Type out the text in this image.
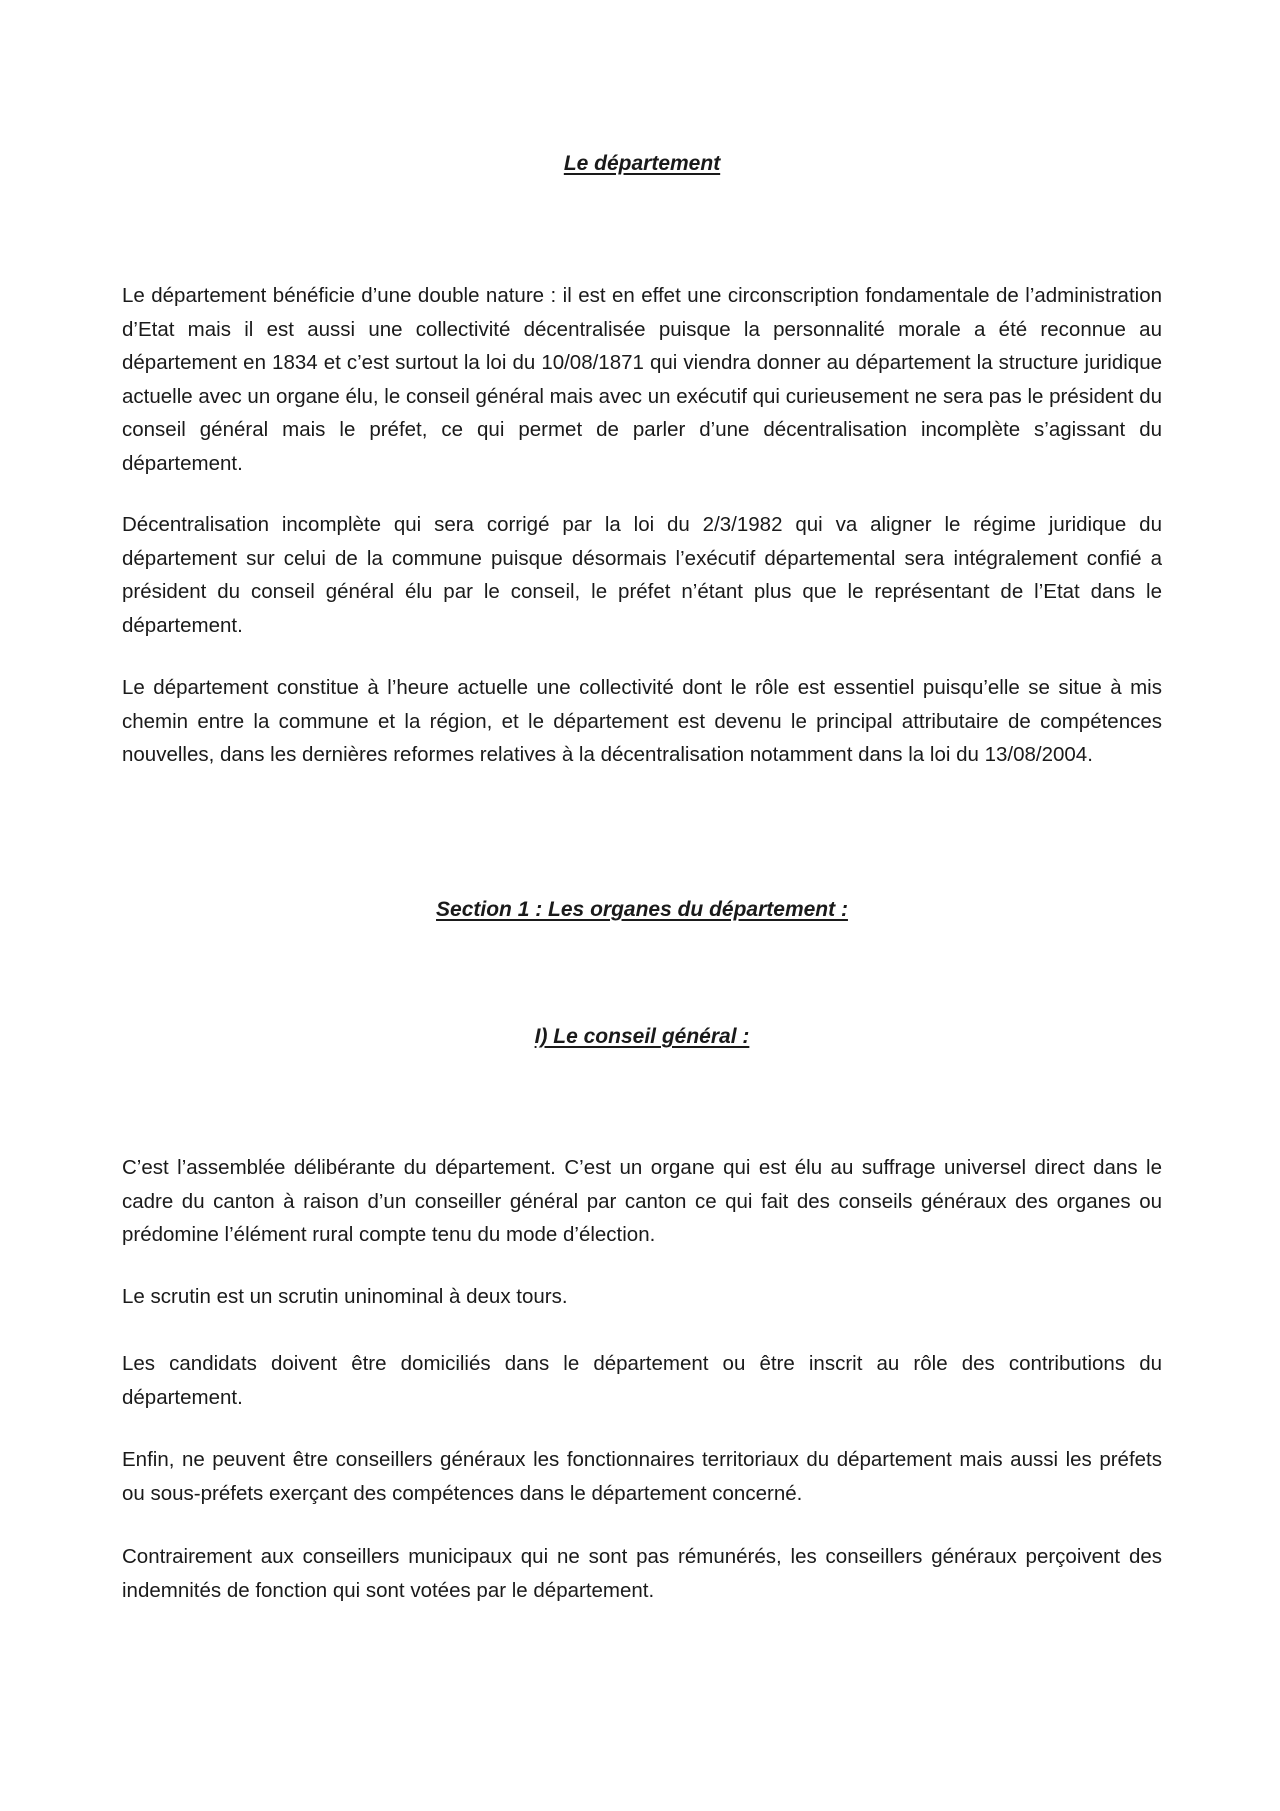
Le département

Le département bénéficie d’une double nature : il est en effet une circonscription fondamentale de l’administration d’Etat mais il est aussi une collectivité décentralisée puisque la personnalité morale a été reconnue au département en 1834 et c’est surtout la loi du 10/08/1871 qui viendra donner au département la structure juridique actuelle avec un organe élu, le conseil général mais avec un exécutif qui curieusement ne sera pas le président du conseil général mais le préfet, ce qui permet de parler d’une décentralisation incomplète s’agissant du département.

Décentralisation incomplète qui sera corrigé par la loi du 2/3/1982 qui va aligner le régime juridique du département sur celui de la commune puisque désormais l’exécutif départemental sera intégralement confié a président du conseil général élu par le conseil, le préfet n’étant plus que le représentant de l’Etat dans le département.

Le département constitue à l’heure actuelle une collectivité dont le rôle est essentiel puisqu’elle se situe à mis chemin entre la commune et la région, et le département est devenu le principal attributaire de compétences nouvelles, dans les dernières reformes relatives à la décentralisation notamment dans la loi du 13/08/2004.

Section 1 : Les organes du département :
I) Le conseil général :

C’est l’assemblée délibérante du département. C’est un organe qui est élu au suffrage universel direct dans le cadre du canton à raison d’un conseiller général par canton ce qui fait des conseils généraux des organes ou prédomine l’élément rural compte tenu du mode d’élection.

Le scrutin est un scrutin uninominal à deux tours.

Les candidats doivent être domiciliés dans le département ou être inscrit au rôle des contributions du département.

Enfin, ne peuvent être conseillers généraux les fonctionnaires territoriaux du département mais aussi les préfets ou sous-préfets exerçant des compétences dans le département concerné.

Contrairement aux conseillers municipaux qui ne sont pas rémunérés, les conseillers généraux perçoivent des indemnités de fonction qui sont votées par le département.
